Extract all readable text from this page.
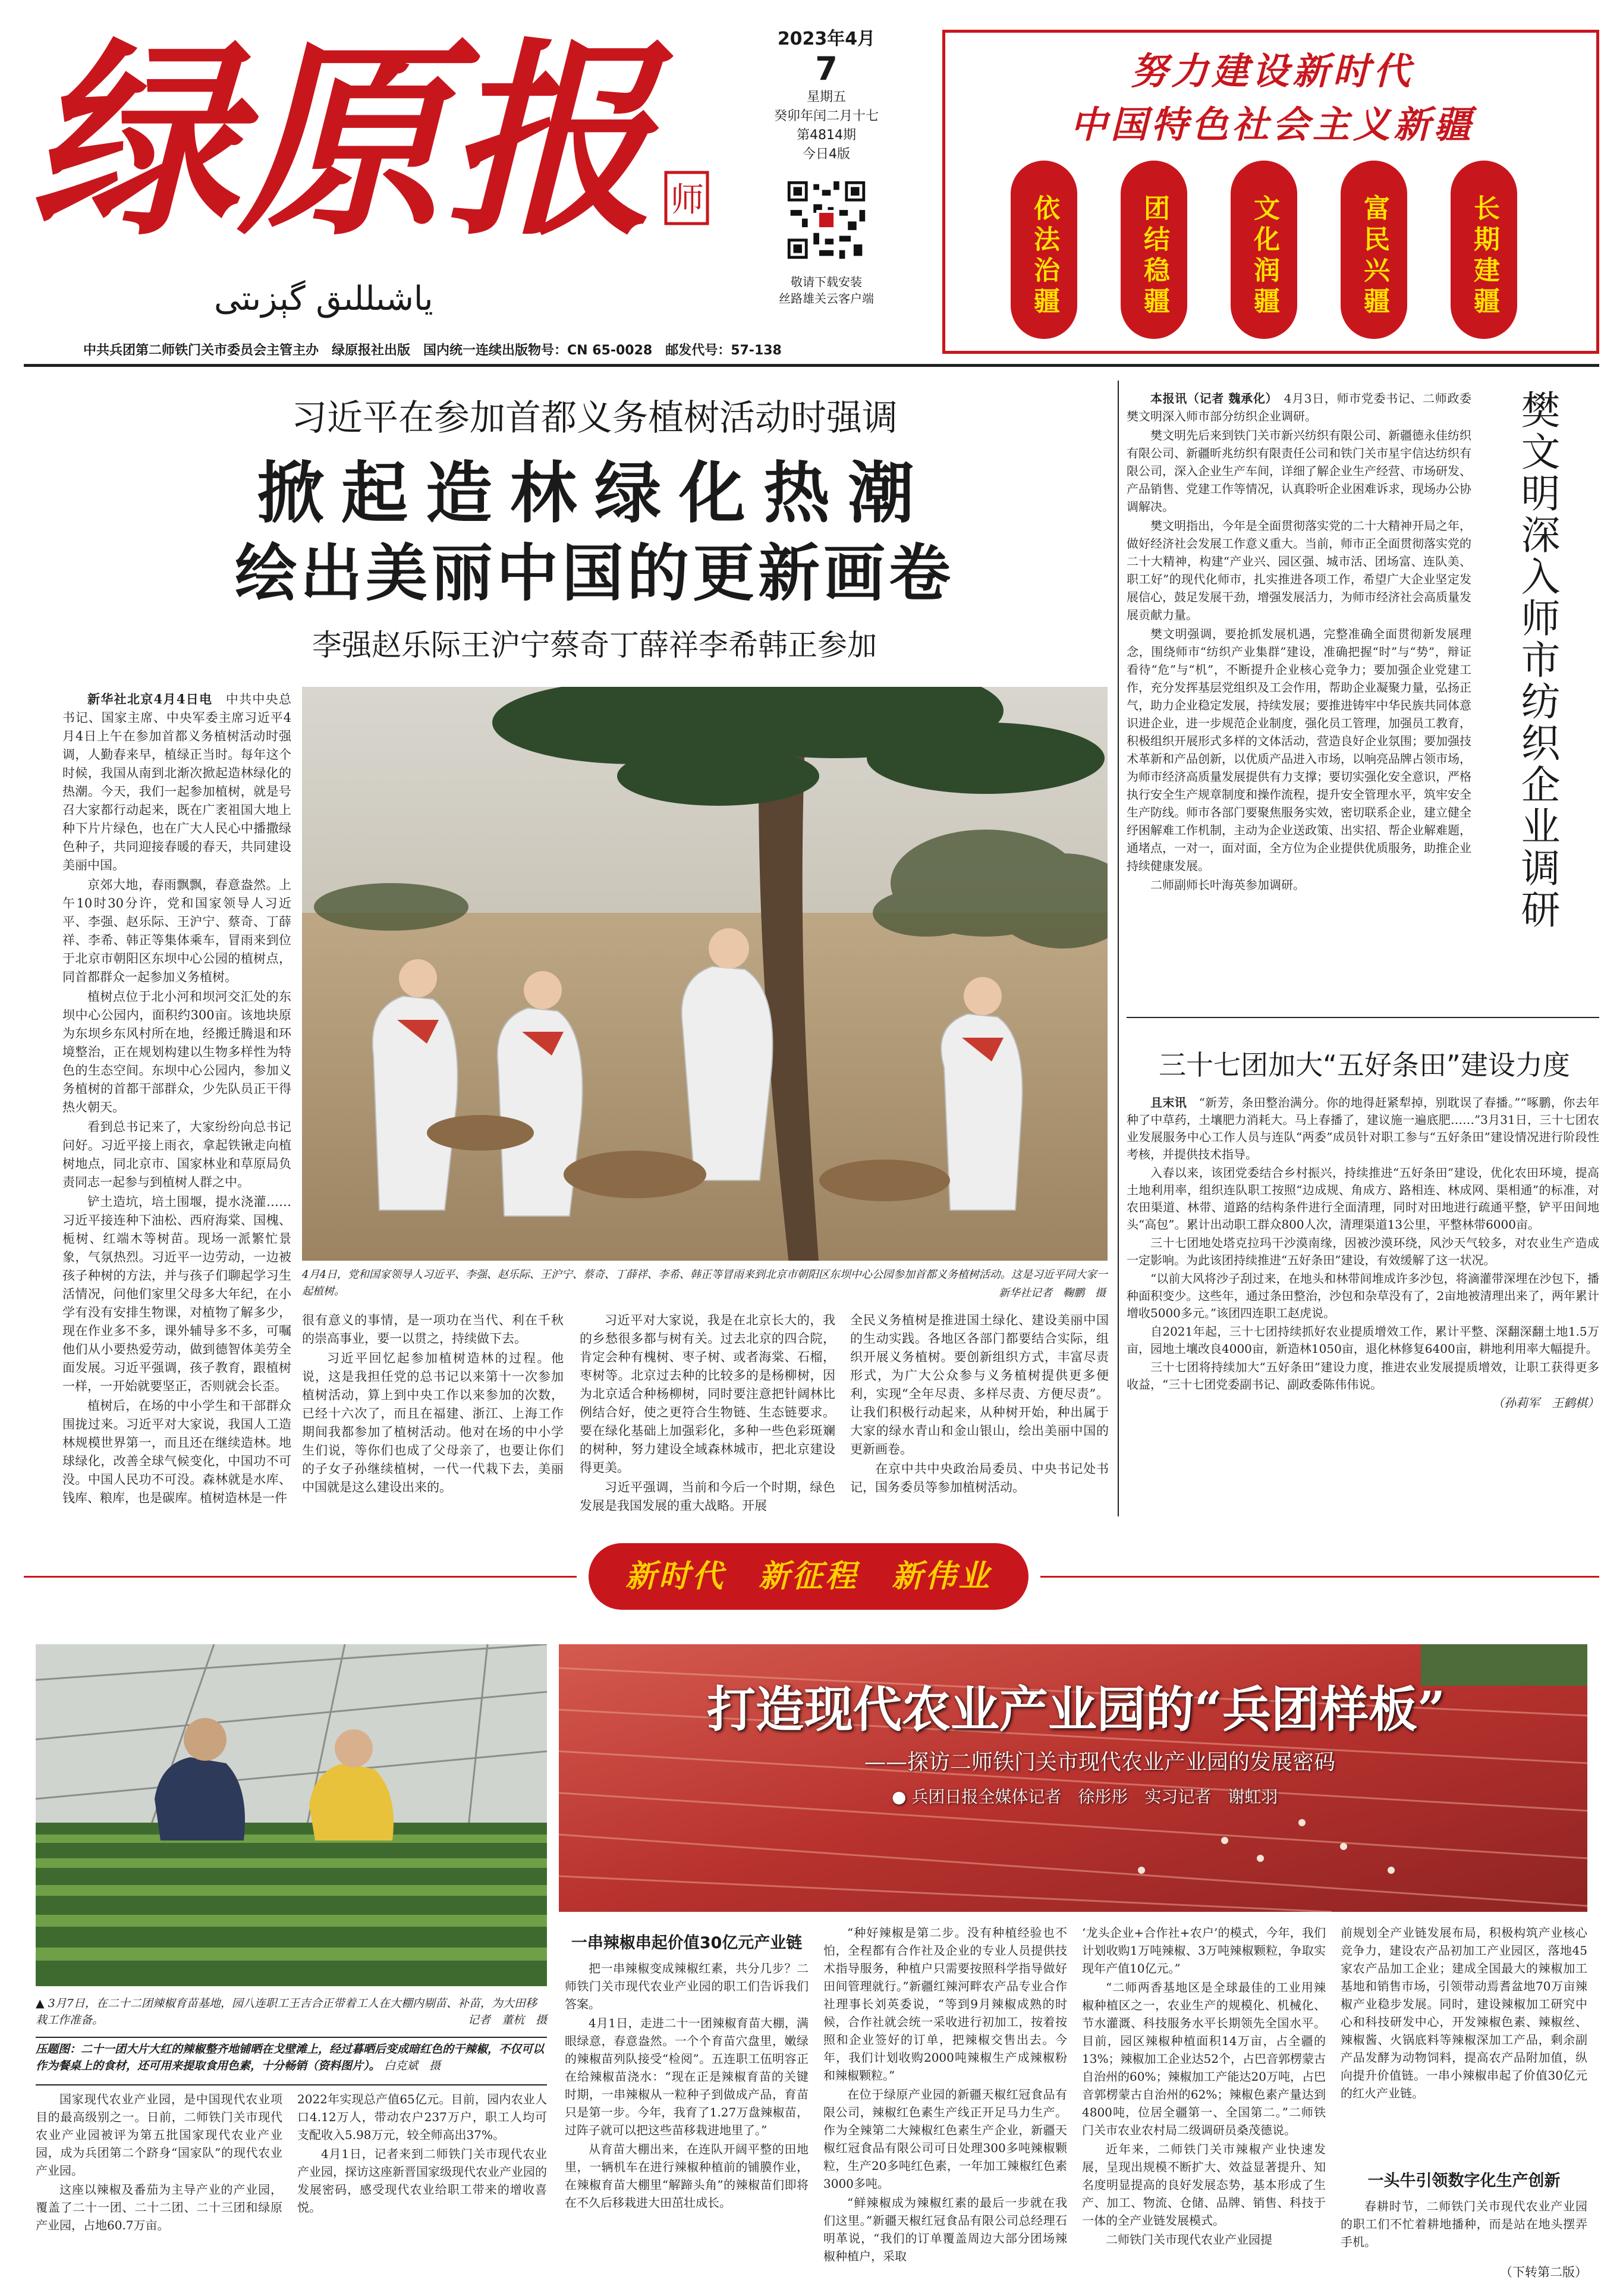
绿原报 师
ياشىللىق گېزىتى
2023年4月
7
星期五
癸卯年闰二月十七
第4814期
今日4版
敬请下载安装
丝路雄关云客户端
努力建设新时代
中国特色社会主义新疆
依法治疆	团结稳疆	文化润疆	富民兴疆	长期建疆
中共兵团第二师铁门关市委员会主管主办　绿原报社出版　国内统一连续出版物号：CN 65-0028　邮发代号：57-138
习近平在参加首都义务植树活动时强调
掀起造林绿化热潮
绘出美丽中国的更新画卷
李强赵乐际王沪宁蔡奇丁薛祥李希韩正参加

新华社北京4月4日电　 中共中央总书记、国家主席、中央军委主席习近平4月4日上午在参加首都义务植树活动时强调，人勤春来早，植绿正当时。每年这个时候，我国从南到北渐次掀起造林绿化的热潮。今天，我们一起参加植树，就是号召大家都行动起来，既在广袤祖国大地上种下片片绿色，也在广大人民心中播撒绿色种子，共同迎接春暖的春天，共同建设美丽中国。

京郊大地，春雨飘飘，春意盎然。上午10时30分许，党和国家领导人习近平、李强、赵乐际、王沪宁、蔡奇、丁薛祥、李希、韩正等集体乘车，冒雨来到位于北京市朝阳区东坝中心公园的植树点，同首都群众一起参加义务植树。

植树点位于北小河和坝河交汇处的东坝中心公园内，面积约300亩。该地块原为东坝乡东风村所在地，经搬迁腾退和环境整治，正在规划构建以生物多样性为特色的生态空间。东坝中心公园内，参加义务植树的首都干部群众，少先队员正干得热火朝天。

看到总书记来了，大家纷纷向总书记问好。习近平接上雨衣，拿起铁锹走向植树地点，同北京市、国家林业和草原局负责同志一起参与到植树人群之中。

铲土造坑，培土围堰，提水浇灌……习近平接连种下油松、西府海棠、国槐、栀树、红端木等树苗。现场一派繁忙景象，气氛热烈。习近平一边劳动，一边被孩子种树的方法，并与孩子们聊起学习生活情况，问他们家里父母多大年纪，在小学有没有安排生物课，对植物了解多少，现在作业多不多，课外辅导多不多，可嘱他们从小要热爱劳动，做到德智体美劳全面发展。习近平强调，孩子教育，跟植树一样，一开始就要坚正，否则就会长歪。

植树后，在场的中小学生和干部群众围拢过来。习近平对大家说，我国人工造林规模世界第一，而且还在继续造林。地球绿化，改善全球气候变化，中国功不可没。中国人民功不可没。森林就是水库、钱库、粮库，也是碳库。植树造林是一件

4月4日，党和国家领导人习近平、李强、赵乐际、王沪宁、蔡奇、丁薛祥、李希、韩正等冒雨来到北京市朝阳区东坝中心公园参加首都义务植树活动。这是习近平同大家一起植树。	新华社记者　鞠鹏　摄

很有意义的事情，是一项功在当代、利在千秋的崇高事业，要一以贯之，持续做下去。

习近平回忆起参加植树造林的过程。他说，这是我担任党的总书记以来第十一次参加植树活动，算上到中央工作以来参加的次数，已经十六次了，而且在福建、浙江、上海工作期间我都参加了植树活动。他对在场的中小学生们说，等你们也成了父母亲了，也要让你们的子女子孙继续植树，一代一代栽下去，美丽中国就是这么建设出来的。

习近平对大家说，我是在北京长大的，我的乡愁很多都与树有关。过去北京的四合院，肯定会种有槐树、枣子树、或者海棠、石榴，枣树等。北京过去种的比较多的是杨柳树，因为北京适合种杨柳树，同时要注意把针阔林比例结合好，使之更符合生物链、生态链要求。要在绿化基础上加强彩化，多种一些色彩斑斓的树种，努力建设全域森林城市，把北京建设得更美。

习近平强调，当前和今后一个时期，绿色发展是我国发展的重大战略。开展

全民义务植树是推进国土绿化、建设美丽中国的生动实践。各地区各部门都要结合实际，组织开展义务植树。要创新组织方式，丰富尽责形式，为广大公众参与义务植树提供更多便利，实现“全年尽责、多样尽责、方便尽责”。让我们积极行动起来，从种树开始，种出属于大家的绿水青山和金山银山，绘出美丽中国的更新画卷。

在京中共中央政治局委员、中央书记处书记，国务委员等参加植树活动。

本报讯（记者 魏承化）　 4月3日，师市党委书记、二师政委樊文明深入师市部分纺织企业调研。

樊文明先后来到铁门关市新兴纺织有限公司、新疆德永佳纺织有限公司、新疆昕兆纺织有限责任公司和铁门关市星宇信达纺织有限公司，深入企业生产车间，详细了解企业生产经营、市场研发、产品销售、党建工作等情况，认真聆听企业困难诉求，现场办公协调解决。

樊文明指出，今年是全面贯彻落实党的二十大精神开局之年，做好经济社会发展工作意义重大。当前，师市正全面贯彻落实党的二十大精神，构建“产业兴、园区强、城市活、团场富、连队美、职工好”的现代化师市，扎实推进各项工作，希望广大企业坚定发展信心，鼓足发展干劲，增强发展活力，为师市经济社会高质量发展贡献力量。

樊文明强调，要抢抓发展机遇，完整准确全面贯彻新发展理念，围绕师市“纺织产业集群”建设，准确把握“时”与“势”，辩证看待“危”与“机”，不断提升企业核心竞争力；要加强企业党建工作，充分发挥基层党组织及工会作用，帮助企业凝聚力量，弘扬正气，助力企业稳定发展，持续发展；要推进铸牢中华民族共同体意识进企业，进一步规范企业制度，强化员工管理，加强员工教育，积极组织开展形式多样的文体活动，营造良好企业氛围；要加强技术革新和产品创新，以优质产品进入市场，以响亮品牌占领市场，为师市经济高质量发展提供有力支撑；要切实强化安全意识，严格执行安全生产规章制度和操作流程，提升安全管理水平，筑牢安全生产防线。师市各部门要聚焦服务实效，密切联系企业，建立健全纾困解难工作机制，主动为企业送政策、出实招、帮企业解难题，通堵点，一对一，面对面，全方位为企业提供优质服务，助推企业持续健康发展。

二师副师长叶海英参加调研。	樊文明深入师市纺织企业调研
三十七团加大“五好条田”建设力度

且末讯　 “新芳，条田整治满分。你的地得赶紧犁掉，别耽误了春播。”“啄鹏，你去年种了中草药，土壤肥力消耗大。马上春播了，建议施一遍底肥……”3月31日，三十七团农业发展服务中心工作人员与连队“两委”成员针对职工参与“五好条田”建设情况进行阶段性考核，并提供技术指导。

入春以来，该团党委结合乡村振兴，持续推进“五好条田”建设，优化农田环境，提高土地利用率，组织连队职工按照“边成规、角成方、路相连、林成网、渠相通”的标准，对农田渠道、林带、道路的结构条件进行全面清理，同时对田地进行疏通平整，铲平田间地头“高包”。累计出动职工群众800人次，清理渠道13公里，平整林带6000亩。

三十七团地处塔克拉玛干沙漠南缘，因被沙漠环绕，风沙天气较多，对农业生产造成一定影响。为此该团持续推进“五好条田”建设，有效缓解了这一状况。

“以前大风将沙子刮过来，在地头和林带间堆成许多沙包，将滴灌带深埋在沙包下，播种面积变少。这些年，通过条田整治，沙包和杂草没有了，2亩地被清理出来了，两年累计增收5000多元。”该团四连职工赵虎说。

自2021年起，三十七团持续抓好农业提质增效工作，累计平整、深翻深翻土地1.5万亩，园地土壤改良4000亩，新造林1050亩，退化林修复6400亩，耕地利用率大幅提升。

三十七团将持续加大“五好条田”建设力度，推进农业发展提质增效，让职工获得更多收益，“三十七团党委副书记、副政委陈伟伟说。

（孙莉军　王鹤棋）

新时代　新征程　新伟业
打造现代农业产业园的“兵团样板”
——探访二师铁门关市现代农业产业园的发展密码
● 兵团日报全媒体记者　徐彤彤　实习记者　谢虹羽
▲ 3月7日，在二十二团辣椒育苗基地，园八连职工王吉合正带着工人在大棚内剔苗、补苗，为大田移栽工作准备。	记者　董杭　摄
压题图：二十一团大片大红的辣椒整齐地铺晒在戈壁滩上，经过暮晒后变成暗红色的干辣椒，不仅可以作为餐桌上的食材，还可用来提取食用色素，十分畅销（资料图片）。 白克斌　摄

国家现代农业产业园，是中国现代农业项目的最高级别之一。日前，二师铁门关市现代农业产业园被评为第五批国家现代农业产业园，成为兵团第二个跻身“国家队”的现代农业产业园。

这座以辣椒及番茄为主导产业的产业园，覆盖了二十一团、二十二团、二十三团和绿原产业园，占地60.7万亩。

2022年实现总产值65亿元。目前，园内农业人口4.12万人，带动农户237万户，职工人均可支配收入5.98万元，较全师高出37%。

4月1日，记者来到二师铁门关市现代农业产业园，探访这座新晋国家级现代农业产业园的发展密码，感受现代农业给职工带来的增收喜悦。

一串辣椒串起价值30亿元产业链

把一串辣椒变成辣椒红素，共分几步？二师铁门关市现代农业产业园的职工们告诉我们答案。

4月1日，走进二十一团辣椒育苗大棚，满眼绿意，春意盎然。一个个育苗穴盘里，嫩绿的辣椒苗列队接受“检阅”。五连职工伍明容正在给辣椒苗浇水：“现在正是辣椒育苗的关键时期，一串辣椒从一粒种子到做成产品，育苗只是第一步。今年，我育了1.27万盘辣椒苗，过阵子就可以把这些苗移栽进地里了。”

从育苗大棚出来，在连队开阔平整的田地里，一辆机车在进行辣椒种植前的铺膜作业，在辣椒育苗大棚里“解蹄头角”的辣椒苗们即将在不久后移栽进大田茁壮成长。

“种好辣椒是第二步。没有种植经验也不怕，全程都有合作社及企业的专业人员提供技术指导服务，种植户只需要按照科学指导做好田间管理就行。”新疆红辣河畔农产品专业合作社理事长刘英委说，“等到9月辣椒成熟的时候，合作社就会统一采收进行初加工，按着按照和企业签好的订单，把辣椒交售出去。今年，我们计划收购2000吨辣椒生产成辣椒粉和辣椒颗粒。”

在位于绿原产业园的新疆天椒红冠食品有限公司，辣椒红色素生产线正开足马力生产。作为全辣第二大辣椒红色素生产企业，新疆天椒红冠食品有限公司可日处理300多吨辣椒颗粒，生产20多吨红色素，一年加工辣椒红色素3000多吨。

“鲜辣椒成为辣椒红素的最后一步就在我们这里。”新疆天椒红冠食品有限公司总经理石明革说，“我们的订单覆盖周边大部分团场辣椒种植户，采取

‘龙头企业+合作社+农户’的模式，今年，我们计划收购1万吨辣椒、3万吨辣椒颗粒，争取实现年产值10亿元。”

“二师两香基地区是全球最佳的工业用辣椒种植区之一，农业生产的规模化、机械化、节水灌溉、科技服务水平长期领先全国水平。目前，园区辣椒种植面积14万亩，占全疆的13%；辣椒加工企业达52个，占巴音郭楞蒙古自治州的60%；辣椒加工产能达20万吨，占巴音郭楞蒙古自治州的62%；辣椒色素产量达到4800吨，位居全疆第一、全国第二。”二师铁门关市农业农村局二级调研员桑茂德说。

近年来，二师铁门关市辣椒产业快速发展，呈现出规模不断扩大、效益显著提升、知名度明显提高的良好发展态势，基本形成了生产、加工、物流、仓储、品牌、销售、科技于一体的全产业链发展模式。

二师铁门关市现代农业产业园提

前规划全产业链发展布局，积极构筑产业核心竞争力，建设农产品初加工产业园区，落地45家农产品加工企业；建成全国最大的辣椒加工基地和销售市场，引领带动焉耆盆地70万亩辣椒产业稳步发展。同时，建设辣椒加工研究中心和科技研发中心，开发辣椒色素、辣椒丝、辣椒酱、火锅底料等辣椒深加工产品，剩余副产品发酵为动物饲料，提高农产品附加值，纵向提升价值链。一串小辣椒串起了价值30亿元的红火产业链。

一头牛引领数字化生产创新

春耕时节，二师铁门关市现代农业产业园的职工们不忙着耕地播种，而是站在地头摆弄手机。

（下转第二版）
